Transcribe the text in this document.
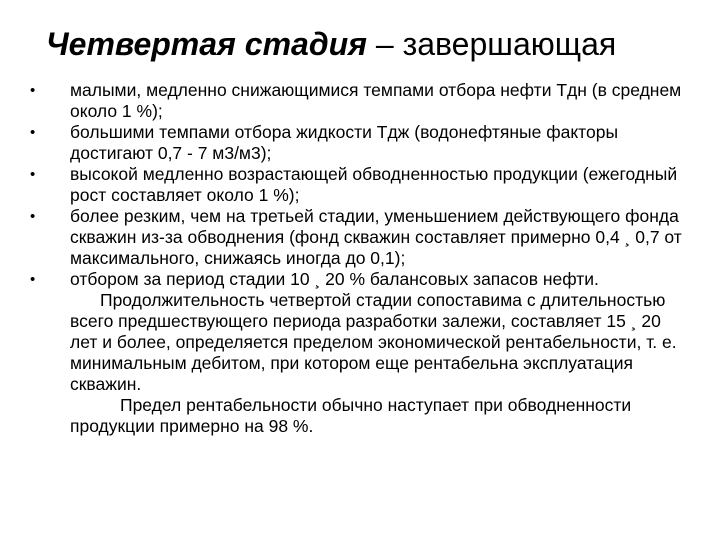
Четвертая стадия – завершающая
•	малыми, медленно снижающимися темпами отбора нефти Тдн (в среднем около 1 %);
•	большими темпами отбора жидкости Тдж (водонефтяные факторы достигают 0,7 - 7 м3/м3);
•	высокой медленно возрастающей обводненностью продукции (ежегодный рост составляет около 1 %);
•	более резким, чем на третьей стадии, уменьшением действующего фонда скважин из-за обводнения (фонд скважин составляет примерно 0,4 ¸ 0,7 от максимального, снижаясь иногда до 0,1);
•	отбором за период стадии 10 ¸ 20 % балансовых запасов нефти.

Продолжительность четвертой стадии сопоставима с длительностью всего предшествующего периода разработки залежи, составляет 15 ¸ 20 лет и более, определяется пределом экономической рентабельности, т. е. минимальным дебитом, при котором еще рентабельна эксплуатация скважин.

Предел рентабельности обычно наступает при обводненности продукции примерно на 98 %.
